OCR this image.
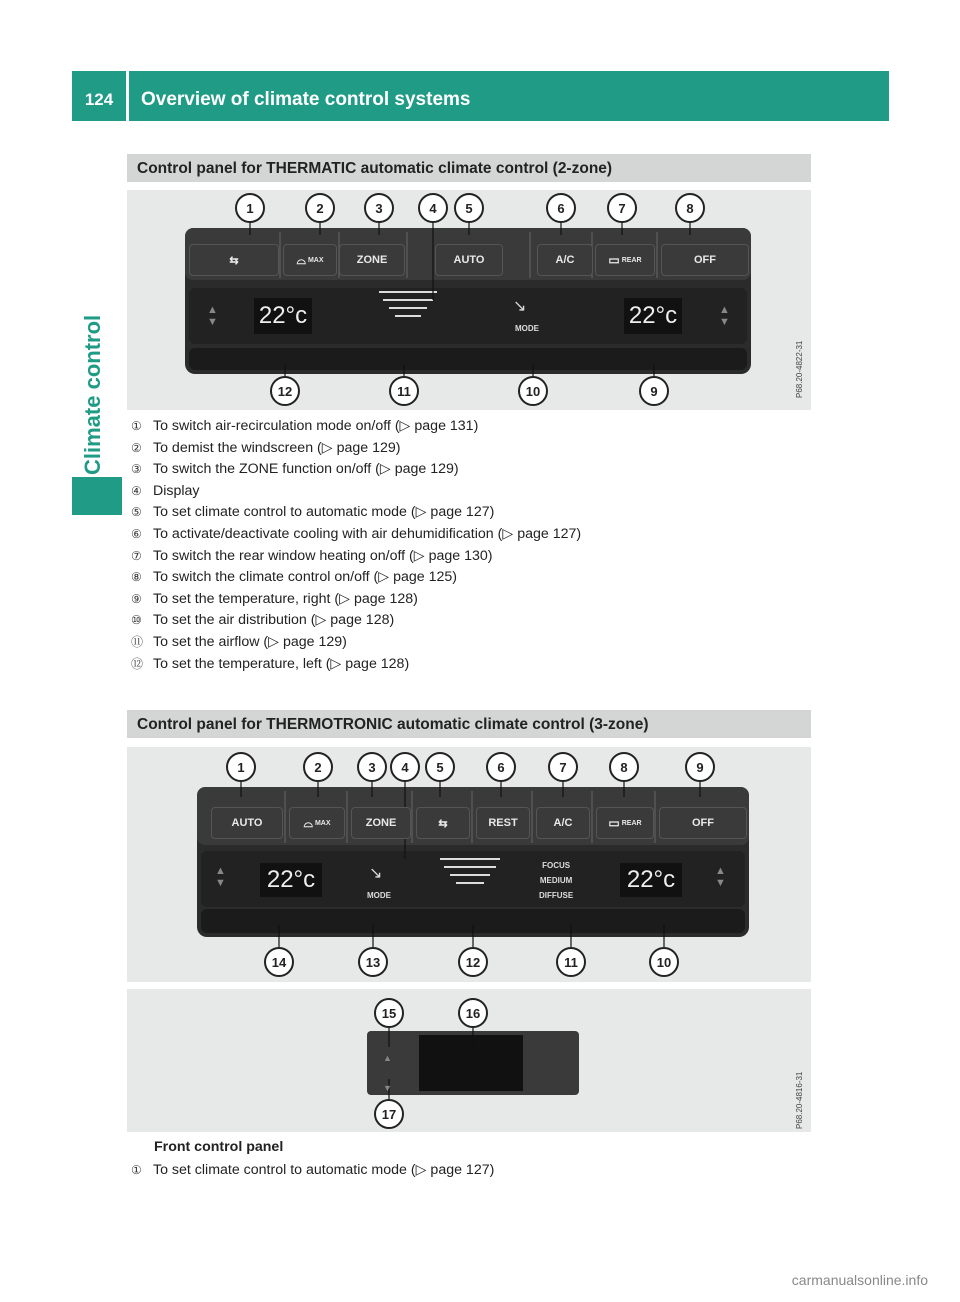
124	Overview of climate control systems
Climate control
Control panel for THERMATIC automatic climate control (2-zone)
ZONE	AUTO	A/C	OFF
⌓ MAX	▭ REAR
⇆
22°c	22°c
MODE
↘
▲
▼
▲
▼
1	2	3	4	5	6	7	8
12	11	10	9	P68.20-4822-31
① To switch air-recirculation mode on/off (▷ page 131)
② To demist the windscreen (▷ page 129)
③ To switch the ZONE function on/off (▷ page 129)
④ Display
⑤ To set climate control to automatic mode (▷ page 127)
⑥ To activate/deactivate cooling with air dehumidification (▷ page 127)
⑦ To switch the rear window heating on/off (▷ page 130)
⑧ To switch the climate control on/off (▷ page 125)
⑨ To set the temperature, right (▷ page 128)
⑩ To set the air distribution (▷ page 128)
⑪ To set the airflow (▷ page 129)
⑫ To set the temperature, left (▷ page 128)
Control panel for THERMOTRONIC automatic climate control (3-zone)
AUTO	ZONE	REST	A/C	OFF
⌓ MAX	▭ REAR
⇆
22°c	22°c
MODE
↘	FOCUS
MEDIUM
DIFFUSE
▲
▼
▲
▼
1	2	3	4	5	6	7	8	9
14	13	12	11	10
▲
▼
15	16
17	P68.20-4816-31
Front control panel
① To set climate control to automatic mode (▷ page 127)
carmanualsonline.info
